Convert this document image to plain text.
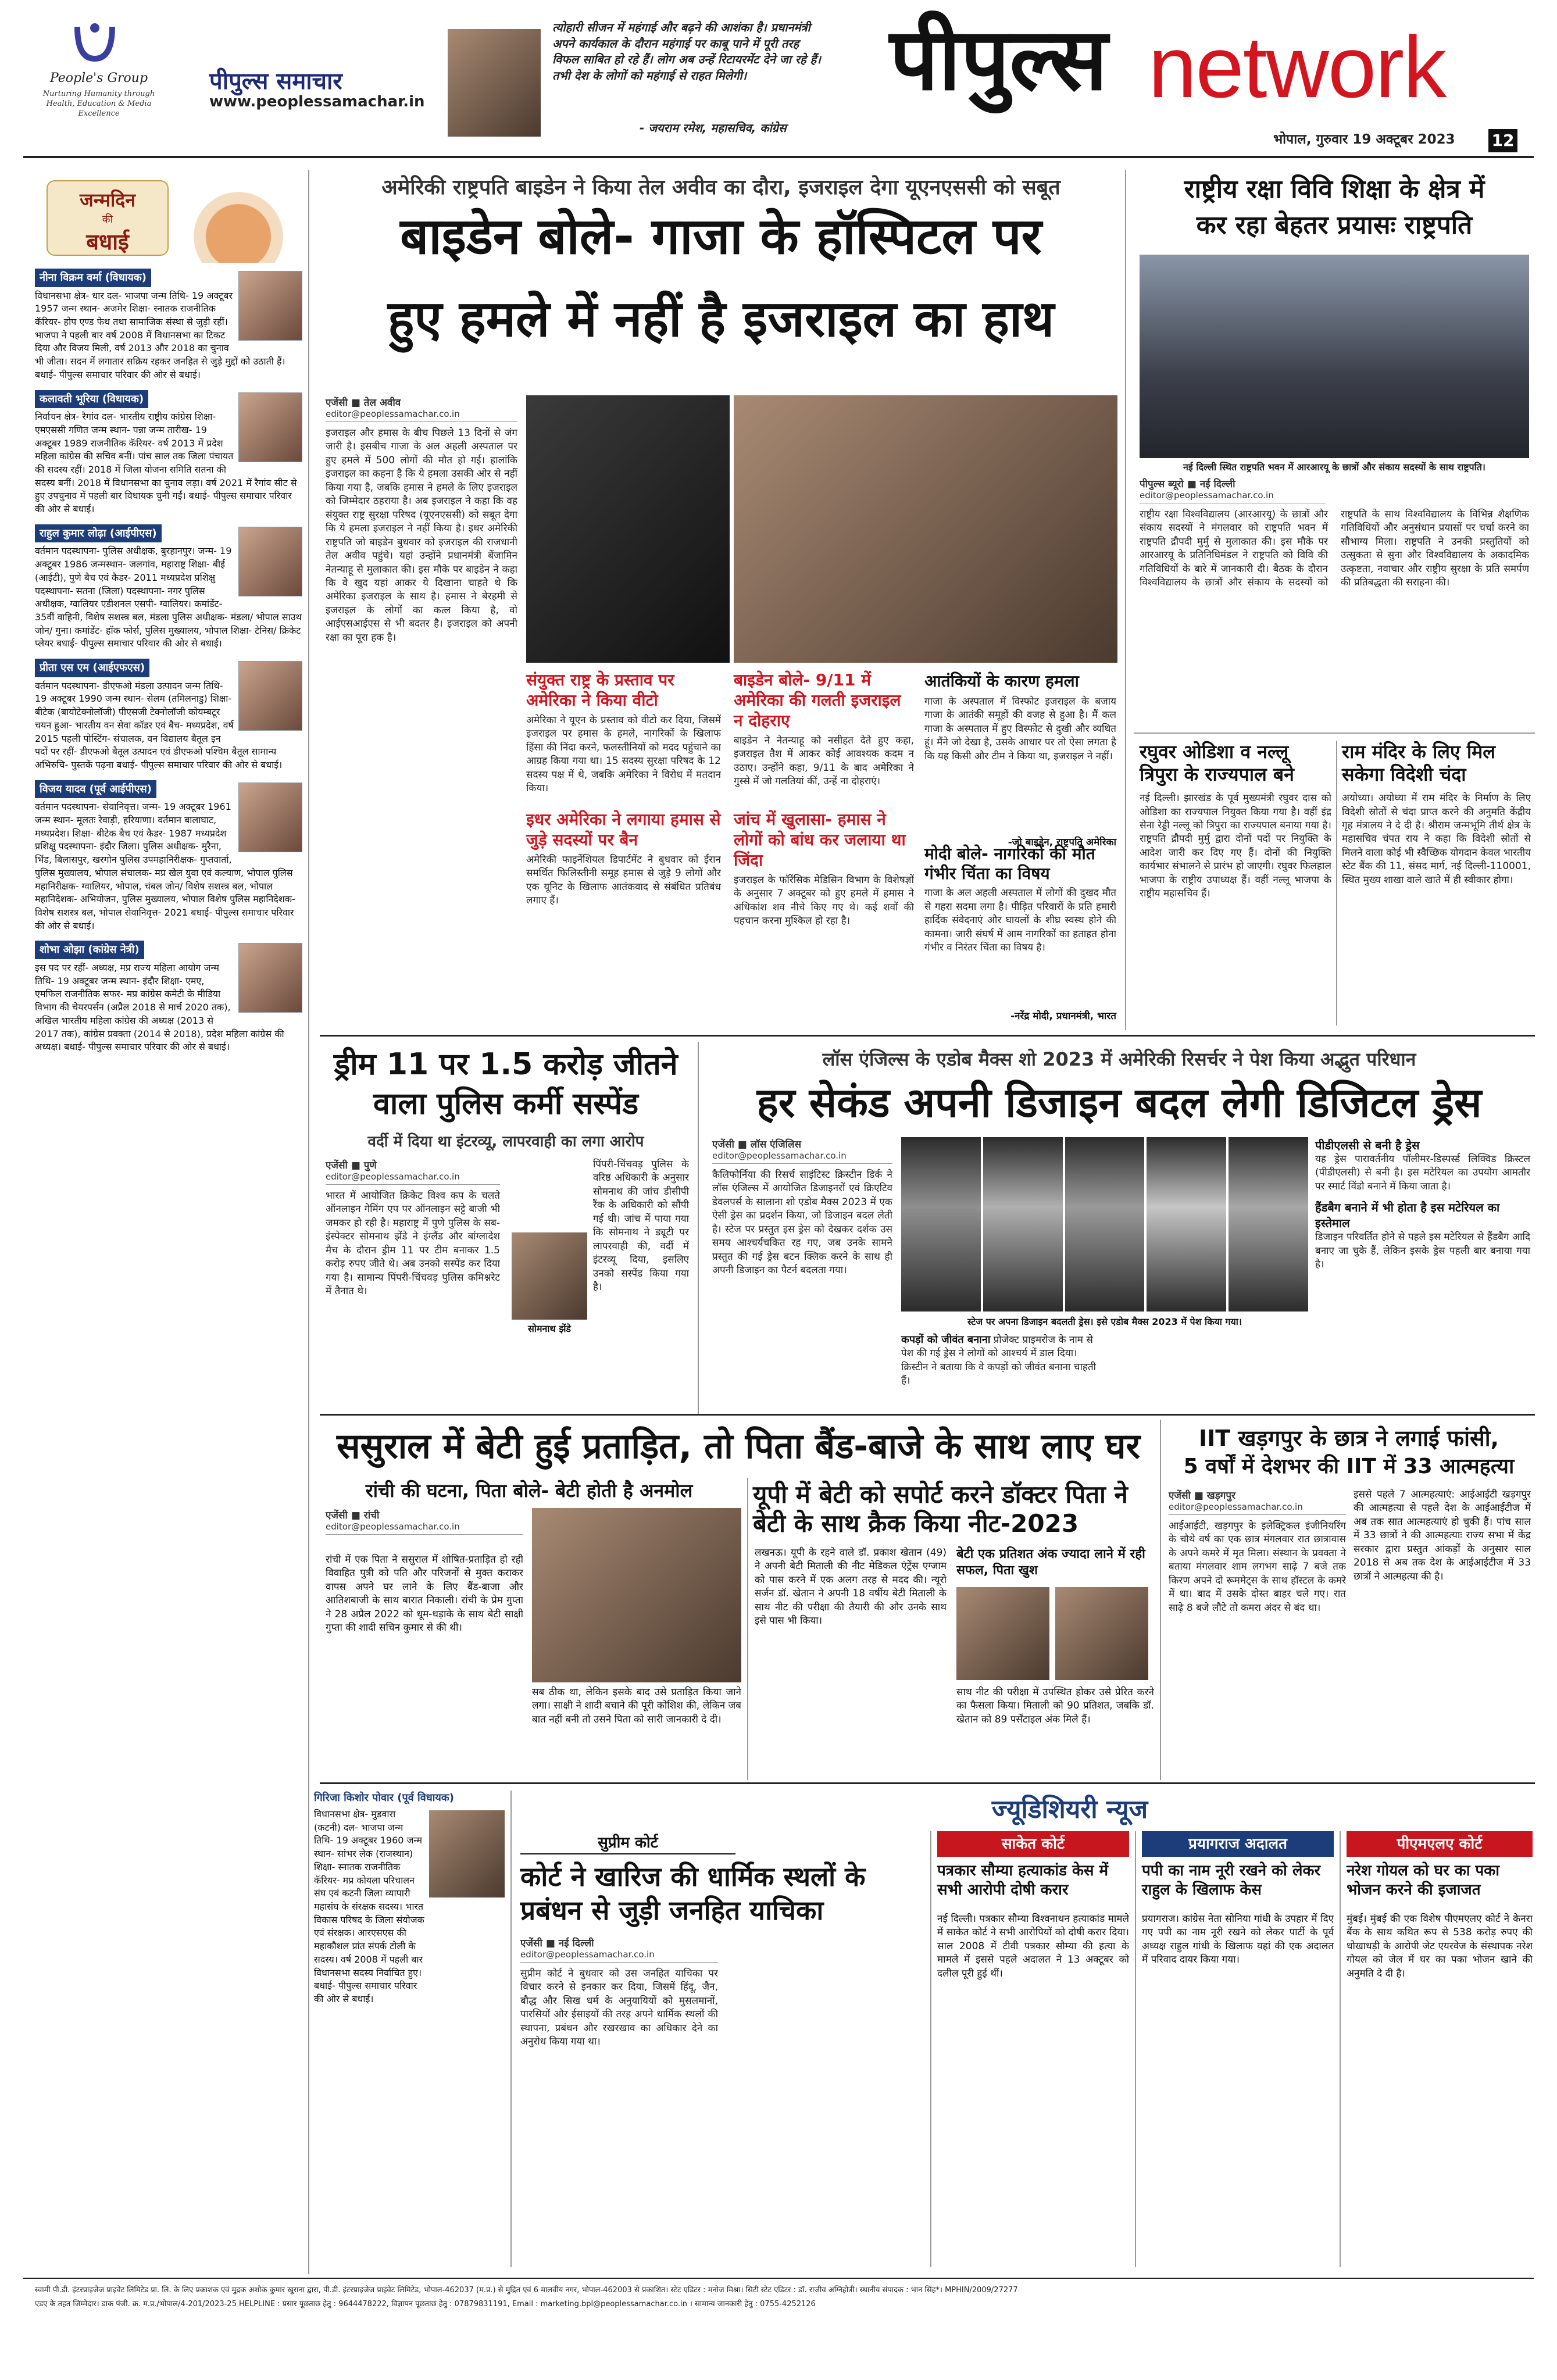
People's Group
Nurturing Humanity through Health, Education & Media Excellence
पीपुल्स समाचार
www.peoplessamachar.in
त्योहारी सीजन में महंगाई और बढ़ने की आशंका है। प्रधानमंत्री अपने कार्यकाल के दौरान महंगाई पर काबू पाने में पूरी तरह विफल साबित हो रहे हैं। लोग अब उन्हें रिटायरमेंट देने जा रहे हैं। तभी देश के लोगों को महंगाई से राहत मिलेगी।
- जयराम रमेश, महासचिव, कांग्रेस
पीपुल्स network
भोपाल, गुरुवार 19 अक्टूबर 2023 12
जन्मदिन
की
बधाई
नीना विक्रम वर्मा (विधायक)
विधानसभा क्षेत्र- धार दल- भाजपा जन्म तिथि- 19 अक्टूबर 1957 जन्म स्थान- अजमेर शिक्षा- स्नातक राजनीतिक कॅरियर- होप एण्ड फेथ तथा सामाजिक संस्था से जुड़ी रहीं। भाजपा ने पहली बार वर्ष 2008 में विधानसभा का टिकट दिया और विजय मिली, वर्ष 2013 और 2018 का चुनाव भी जीता। सदन में लगातार सक्रिय रहकर जनहित से जुड़े मुद्दों को उठाती हैं। बधाई- पीपुल्स समाचार परिवार की ओर से बधाई।
कलावती भूरिया (विधायक)
निर्वाचन क्षेत्र- रैगांव दल- भारतीय राष्ट्रीय कांग्रेस शिक्षा- एमएससी गणित जन्म स्थान- पन्ना जन्म तारीख- 19 अक्टूबर 1989 राजनीतिक कॅरियर- वर्ष 2013 में प्रदेश महिला कांग्रेस की सचिव बनीं। पांच साल तक जिला पंचायत की सदस्य रहीं। 2018 में जिला योजना समिति सतना की सदस्य बनीं। 2018 में विधानसभा का चुनाव लड़ा। वर्ष 2021 में रैगांव सीट से हुए उपचुनाव में पहली बार विधायक चुनी गईं। बधाई- पीपुल्स समाचार परिवार की ओर से बधाई।
राहुल कुमार लोढ़ा (आईपीएस)
वर्तमान पदस्थापना- पुलिस अधीक्षक, बुरहानपुर। जन्म- 19 अक्टूबर 1986 जन्मस्थान- जलगांव, महाराष्ट्र शिक्षा- बीई (आईटी), पुणे बैच एवं कैडर- 2011 मध्यप्रदेश प्रशिक्षु पदस्थापना- सतना (जिला) पदस्थापना- नगर पुलिस अधीक्षक, ग्वालियर एडीशनल एसपी- ग्वालियर। कमांडेंट- 35वीं वाहिनी, विशेष सशस्त्र बल, मंडला पुलिस अधीक्षक- मंडला/ भोपाल साउथ जोन/ गुना। कमांडेंट- हॉक फोर्स, पुलिस मुख्यालय, भोपाल शिक्षा- टेनिस/ क्रिकेट प्लेयर बधाई- पीपुल्स समाचार परिवार की ओर से बधाई।
प्रीता एस एम (आईएफएस)
वर्तमान पदस्थापना- डीएफओ मंडला उत्पादन जन्म तिथि- 19 अक्टूबर 1990 जन्म स्थान- सेलम (तमिलनाडु) शिक्षा- बीटेक (बायोटेक्नोलॉजी) पीएसजी टेक्नोलॉजी कोयम्बटूर चयन हुआ- भारतीय वन सेवा कॉडर एवं बैच- मध्यप्रदेश, वर्ष 2015 पहली पोस्टिंग- संचालक, वन विद्यालय बैतूल इन पदों पर रहीं- डीएफओ बैतूल उत्पादन एवं डीएफओ पश्चिम बैतूल सामान्य अभिरुचि- पुस्तकें पढ़ना बधाई- पीपुल्स समाचार परिवार की ओर से बधाई।
विजय यादव (पूर्व आईपीएस)
वर्तमान पदस्थापना- सेवानिवृत्त। जन्म- 19 अक्टूबर 1961 जन्म स्थान- मूलतः रेवाड़ी, हरियाणा। वर्तमान बालाघाट, मध्यप्रदेश। शिक्षा- बीटेक बैच एवं कैडर- 1987 मध्यप्रदेश प्रशिक्षु पदस्थापना- इंदौर जिला। पुलिस अधीक्षक- मुरैना, भिंड, बिलासपुर, खरगोन पुलिस उपमहानिरीक्षक- गुप्तवार्ता, पुलिस मुख्यालय, भोपाल संचालक- मप्र खेल युवा एवं कल्याण, भोपाल पुलिस महानिरीक्षक- ग्वालियर, भोपाल, चंबल जोन/ विशेष सशस्त्र बल, भोपाल महानिदेशक- अभियोजन, पुलिस मुख्यालय, भोपाल विशेष पुलिस महानिदेशक- विशेष सशस्त्र बल, भोपाल सेवानिवृत्त- 2021 बधाई- पीपुल्स समाचार परिवार की ओर से बधाई।
शोभा ओझा (कांग्रेस नेत्री)
इस पद पर रहीं- अध्यक्ष, मप्र राज्य महिला आयोग जन्म तिथि- 19 अक्टूबर जन्म स्थान- इंदौर शिक्षा- एमए, एमफिल राजनीतिक सफर- मप्र कांग्रेस कमेटी के मीडिया विभाग की चेयरपर्सन (अप्रैल 2018 से मार्च 2020 तक), अखिल भारतीय महिला कांग्रेस की अध्यक्ष (2013 से 2017 तक), कांग्रेस प्रवक्ता (2014 से 2018), प्रदेश महिला कांग्रेस की अध्यक्ष। बधाई- पीपुल्स समाचार परिवार की ओर से बधाई।
अमेरिकी राष्ट्रपति बाइडेन ने किया तेल अवीव का दौरा, इजराइल देगा यूएनएससी को सबूत
बाइडेन बोले- गाजा के हॉस्पिटल पर
हुए हमले में नहीं है इजराइल का हाथ
एजेंसी ■ तेल अवीव
editor@peoplessamachar.co.in
इजराइल और हमास के बीच पिछले 13 दिनों से जंग जारी है। इसबीच गाजा के अल अहली अस्पताल पर हुए हमले में 500 लोगों की मौत हो गई। हालांकि इजराइल का कहना है कि ये हमला उसकी ओर से नहीं किया गया है, जबकि हमास ने हमले के लिए इजराइल को जिम्मेदार ठहराया है। अब इजराइल ने कहा कि वह संयुक्त राष्ट्र सुरक्षा परिषद (यूएनएससी) को सबूत देगा कि ये हमला इजराइल ने नहीं किया है। इधर अमेरिकी राष्ट्रपति जो बाइडेन बुधवार को इजराइल की राजधानी तेल अवीव पहुंचे। यहां उन्होंने प्रधानमंत्री बेंजामिन नेतन्याहू से मुलाकात की। इस मौके पर बाइडेन ने कहा कि वे खुद यहां आकर ये दिखाना चाहते थे कि अमेरिका इजराइल के साथ है। हमास ने बेरहमी से इजराइल के लोगों का कत्ल किया है, वो आईएसआईएस से भी बदतर है। इजराइल को अपनी रक्षा का पूरा हक है।
संयुक्त राष्ट्र के प्रस्ताव पर अमेरिका ने किया वीटो
अमेरिका ने यूएन के प्रस्ताव को वीटो कर दिया, जिसमें इजराइल पर हमास के हमले, नागरिकों के खिलाफ हिंसा की निंदा करने, फलस्तीनियों को मदद पहुंचाने का आग्रह किया गया था। 15 सदस्य सुरक्षा परिषद के 12 सदस्य पक्ष में थे, जबकि अमेरिका ने विरोध में मतदान किया।
इधर अमेरिका ने लगाया हमास से जुड़े सदस्यों पर बैन
अमेरिकी फाइनेंशियल डिपार्टमेंट ने बुधवार को ईरान समर्थित फिलिस्तीनी समूह हमास से जुड़े 9 लोगों और एक यूनिट के खिलाफ आतंकवाद से संबंधित प्रतिबंध लगाए हैं।
बाइडेन बोले- 9/11 में अमेरिका की गलती इजराइल न दोहराए
बाइडेन ने नेतन्याहू को नसीहत देते हुए कहा, इजराइल तैश में आकर कोई आवश्यक कदम न उठाए। उन्होंने कहा, 9/11 के बाद अमेरिका ने गुस्से में जो गलतियां कीं, उन्हें ना दोहराएं।
जांच में खुलासा- हमास ने लोगों को बांध कर जलाया था जिंदा
इजराइल के फॉरेंसिक मेडिसिन विभाग के विशेषज्ञों के अनुसार 7 अक्टूबर को हुए हमले में हमास ने अधिकांश शव नीचे किए गए थे। कई शवों की पहचान करना मुश्किल हो रहा है।
आतंकियों के कारण हमला
गाजा के अस्पताल में विस्फोट इजराइल के बजाय गाजा के आतंकी समूहों की वजह से हुआ है। मैं कल गाजा के अस्पताल में हुए विस्फोट से दुखी और व्यथित हूं। मैंने जो देखा है, उसके आधार पर तो ऐसा लगता है कि यह किसी और टीम ने किया था, इजराइल ने नहीं।
-जो बाइडेन, राष्ट्रपति अमेरिका
मोदी बोले- नागरिकों की मौत गंभीर चिंता का विषय
गाजा के अल अहली अस्पताल में लोगों की दुखद मौत से गहरा सदमा लगा है। पीड़ित परिवारों के प्रति हमारी हार्दिक संवेदनाएं और घायलों के शीघ्र स्वस्थ होने की कामना। जारी संघर्ष में आम नागरिकों का हताहत होना गंभीर व निरंतर चिंता का विषय है।
-नरेंद्र मोदी, प्रधानमंत्री, भारत
राष्ट्रीय रक्षा विवि शिक्षा के क्षेत्र में
कर रहा बेहतर प्रयासः राष्ट्रपति
नई दिल्ली स्थित राष्ट्रपति भवन में आरआरयू के छात्रों और संकाय सदस्यों के साथ राष्ट्रपति।
पीपुल्स ब्यूरो ■ नई दिल्ली
editor@peoplessamachar.co.in
राष्ट्रीय रक्षा विश्वविद्यालय (आरआरयू) के छात्रों और संकाय सदस्यों ने मंगलवार को राष्ट्रपति भवन में राष्ट्रपति द्रौपदी मुर्मु से मुलाकात की। इस मौके पर आरआरयू के प्रतिनिधिमंडल ने राष्ट्रपति को विवि की गतिविधियों के बारे में जानकारी दी। बैठक के दौरान विश्वविद्यालय के छात्रों और संकाय के सदस्यों को राष्ट्रपति के साथ विश्वविद्यालय के विभिन्न शैक्षणिक गतिविधियों और अनुसंधान प्रयासों पर चर्चा करने का सौभाग्य मिला। राष्ट्रपति ने उनकी प्रस्तुतियों को उत्सुकता से सुना और विश्वविद्यालय के अकादमिक उत्कृष्टता, नवाचार और राष्ट्रीय सुरक्षा के प्रति समर्पण की प्रतिबद्धता की सराहना की।
रघुवर ओडिशा व नल्लू त्रिपुरा के राज्यपाल बने
नई दिल्ली। झारखंड के पूर्व मुख्यमंत्री रघुवर दास को ओडिशा का राज्यपाल नियुक्त किया गया है। वहीं इंद्र सेना रेड्डी नल्लू को त्रिपुरा का राज्यपाल बनाया गया है। राष्ट्रपति द्रौपदी मुर्मु द्वारा दोनों पदों पर नियुक्ति के आदेश जारी कर दिए गए हैं। दोनों की नियुक्ति कार्यभार संभालने से प्रारंभ हो जाएगी। रघुवर फिलहाल भाजपा के राष्ट्रीय उपाध्यक्ष हैं। वहीं नल्लू भाजपा के राष्ट्रीय महासचिव हैं।
राम मंदिर के लिए मिल सकेगा विदेशी चंदा
अयोध्या। अयोध्या में राम मंदिर के निर्माण के लिए विदेशी स्रोतों से चंदा प्राप्त करने की अनुमति केंद्रीय गृह मंत्रालय ने दे दी है। श्रीराम जन्मभूमि तीर्थ क्षेत्र के महासचिव चंपत राय ने कहा कि विदेशी स्रोतों से मिलने वाला कोई भी स्वैच्छिक योगदान केवल भारतीय स्टेट बैंक की 11, संसद मार्ग, नई दिल्ली-110001, स्थित मुख्य शाखा वाले खाते में ही स्वीकार होगा।
ड्रीम 11 पर 1.5 करोड़ जीतने
वाला पुलिस कर्मी सस्पेंड
वर्दी में दिया था इंटरव्यू, लापरवाही का लगा आरोप
एजेंसी ■ पुणे
editor@peoplessamachar.co.in
भारत में आयोजित क्रिकेट विश्व कप के चलते ऑनलाइन गेमिंग एप पर ऑनलाइन सट्टे बाजी भी जमकर हो रही है। महाराष्ट्र में पुणे पुलिस के सब-इंस्पेक्टर सोमनाथ झेंडे ने इंग्लैंड और बांग्लादेश मैच के दौरान ड्रीम 11 पर टीम बनाकर 1.5 करोड़ रुपए जीते थे। अब उनको सस्पेंड कर दिया गया है। सामान्य पिंपरी-चिंचवड़ पुलिस कमिश्नरेट में तैनात थे।
सोमनाथ झेंडे
पिंपरी-चिंचवड़ पुलिस के वरिष्ठ अधिकारी के अनुसार सोमनाथ की जांच डीसीपी रैंक के अधिकारी को सौंपी गई थी। जांच में पाया गया कि सोमनाथ ने ड्यूटी पर लापरवाही की, वर्दी में इंटरव्यू दिया, इसलिए उनको सस्पेंड किया गया है।
लॉस एंजिल्स के एडोब मैक्स शो 2023 में अमेरिकी रिसर्चर ने पेश किया अद्भुत परिधान
हर सेकंड अपनी डिजाइन बदल लेगी डिजिटल ड्रेस
एजेंसी ■ लॉस एंजिलिस
editor@peoplessamachar.co.in
कैलिफोर्निया की रिसर्च साइंटिस्ट क्रिस्टीन डिर्क ने लॉस एंजिल्स में आयोजित डिजाइनरों एवं क्रिएटिव डेवलपर्स के सालाना शो एडोब मैक्स 2023 में एक ऐसी ड्रेस का प्रदर्शन किया, जो डिजाइन बदल लेती है। स्टेज पर प्रस्तुत इस ड्रेस को देखकर दर्शक उस समय आश्चर्यचकित रह गए, जब उनके सामने प्रस्तुत की गई ड्रेस बटन क्लिक करने के साथ ही अपनी डिजाइन का पैटर्न बदलता गया।
स्टेज पर अपना डिजाइन बदलती ड्रेस। इसे एडोब मैक्स 2023 में पेश किया गया।
कपड़ों को जीवंत बनाना प्रोजेक्ट प्राइमरोज के नाम से पेश की गई ड्रेस ने लोगों को आश्चर्य में डाल दिया। क्रिस्टीन ने बताया कि वे कपड़ों को जीवंत बनाना चाहती हैं।
पीडीएलसी से बनी है ड्रेस
यह ड्रेस पारावर्तनीय पॉलीमर-डिस्पर्स्ड लिक्विड क्रिस्टल (पीडीएलसी) से बनी है। इस मटेरियल का उपयोग आमतौर पर स्मार्ट विंडो बनाने में किया जाता है।
हैंडबैग बनाने में भी होता है इस मटेरियल का इस्तेमाल
डिजाइन परिवर्तित होने से पहले इस मटेरियल से हैंडबैग आदि बनाए जा चुके हैं, लेकिन इसके ड्रेस पहली बार बनाया गया है।
ससुराल में बेटी हुई प्रताड़ित, तो पिता बैंड-बाजे के साथ लाए घर
रांची की घटना, पिता बोले- बेटी होती है अनमोल
एजेंसी ■ रांची
editor@peoplessamachar.co.in
रांची में एक पिता ने ससुराल में शोषित-प्रताड़ित हो रही विवाहित पुत्री को पति और परिजनों से मुक्त कराकर वापस अपने घर लाने के लिए बैंड-बाजा और आतिशबाजी के साथ बारात निकाली। रांची के प्रेम गुप्ता ने 28 अप्रैल 2022 को धूम-धड़ाके के साथ बेटी साक्षी गुप्ता की शादी सचिन कुमार से की थी।
सब ठीक था, लेकिन इसके बाद उसे प्रताड़ित किया जाने लगा। साक्षी ने शादी बचाने की पूरी कोशिश की, लेकिन जब बात नहीं बनी तो उसने पिता को सारी जानकारी दे दी।
यूपी में बेटी को सपोर्ट करने डॉक्टर पिता ने बेटी के साथ क्रैक किया नीट-2023
लखनऊ। यूपी के रहने वाले डॉ. प्रकाश खेतान (49) ने अपनी बेटी मिताली की नीट मेडिकल एंट्रेंस एग्जाम को पास करने में एक अलग तरह से मदद की। न्यूरो सर्जन डॉ. खेतान ने अपनी 18 वर्षीय बेटी मिताली के साथ नीट की परीक्षा की तैयारी की और उनके साथ इसे पास भी किया।
बेटी एक प्रतिशत अंक ज्यादा लाने में रही सफल, पिता खुश
साथ नीट की परीक्षा में उपस्थित होकर उसे प्रेरित करने का फैसला किया। मिताली को 90 प्रतिशत, जबकि डॉ. खेतान को 89 पर्सेंटाइल अंक मिले हैं।
IIT खड़गपुर के छात्र ने लगाई फांसी,
5 वर्षों में देशभर की IIT में 33 आत्महत्या
एजेंसी ■ खड़गपुर
editor@peoplessamachar.co.in
आईआईटी, खड़गपुर के इलेक्ट्रिकल इंजीनियरिंग के चौथे वर्ष का एक छात्र मंगलवार रात छात्रावास के अपने कमरे में मृत मिला। संस्थान के प्रवक्ता ने बताया मंगलवार शाम लगभग साढ़े 7 बजे तक किरण अपने दो रूममेट्स के साथ हॉस्टल के कमरे में था। बाद में उसके दोस्त बाहर चले गए। रात साढ़े 8 बजे लौटे तो कमरा अंदर से बंद था।
इससे पहले 7 आत्महत्याएं: आईआईटी खड़गपुर की आत्महत्या से पहले देश के आईआईटीज में अब तक सात आत्महत्याएं हो चुकी हैं। पांच साल में 33 छात्रों ने की आत्महत्याः राज्य सभा में केंद्र सरकार द्वारा प्रस्तुत आंकड़ों के अनुसार साल 2018 से अब तक देश के आईआईटीज में 33 छात्रों ने आत्महत्या की है।
गिरिजा किशोर पोवार (पूर्व विधायक)
विधानसभा क्षेत्र- मुडवारा (कटनी) दल- भाजपा जन्म तिथि- 19 अक्टूबर 1960 जन्म स्थान- सांभर लेक (राजस्थान) शिक्षा- स्नातक राजनीतिक कॅरियर- मप्र कोयला परिचालन संघ एवं कटनी जिला व्यापारी महासंघ के संरक्षक सदस्य। भारत विकास परिषद के जिला संयोजक एवं संरक्षक। आरएसएस की महाकौशल प्रांत संपर्क टोली के सदस्य। वर्ष 2008 में पहली बार विधानसभा सदस्य निर्वाचित हुए। बधाई- पीपुल्स समाचार परिवार की ओर से बधाई।
ज्यूडिशियरी न्यूज
सुप्रीम कोर्ट
कोर्ट ने खारिज की धार्मिक स्थलों के प्रबंधन से जुड़ी जनहित याचिका
एजेंसी ■ नई दिल्ली
editor@peoplessamachar.co.in
सुप्रीम कोर्ट ने बुधवार को उस जनहित याचिका पर विचार करने से इनकार कर दिया, जिसमें हिंदू, जैन, बौद्ध और सिख धर्म के अनुयायियों को मुसलमानों, पारसियों और ईसाइयों की तरह अपने धार्मिक स्थलों की स्थापना, प्रबंधन और रखरखाव का अधिकार देने का अनुरोध किया गया था।
साकेत कोर्ट
पत्रकार सौम्या हत्याकांड केस में सभी आरोपी दोषी करार
नई दिल्ली। पत्रकार सौम्या विश्वनाथन हत्याकांड मामले में साकेत कोर्ट ने सभी आरोपियों को दोषी करार दिया। साल 2008 में टीवी पत्रकार सौम्या की हत्या के मामले में इससे पहले अदालत ने 13 अक्टूबर को दलील पूरी हुई थीं।
प्रयागराज अदालत
पपी का नाम नूरी रखने को लेकर राहुल के खिलाफ केस
प्रयागराज। कांग्रेस नेता सोनिया गांधी के उपहार में दिए गए पपी का नाम नूरी रखने को लेकर पार्टी के पूर्व अध्यक्ष राहुल गांधी के खिलाफ यहां की एक अदालत में परिवाद दायर किया गया।
पीएमएलए कोर्ट
नरेश गोयल को घर का पका भोजन करने की इजाजत
मुंबई। मुंबई की एक विशेष पीएमएलए कोर्ट ने केनरा बैंक के साथ कथित रूप से 538 करोड़ रुपए की धोखाधड़ी के आरोपी जेट एयरवेज के संस्थापक नरेश गोयल को जेल में घर का पका भोजन खाने की अनुमति दे दी है।
स्वामी पी.डी. इंटरप्राइजेज प्राइवेट लिमिटेड प्रा. लि. के लिए प्रकाशक एवं मुद्रक अशोक कुमार खुराना द्वारा, पी.डी. इंटरप्राइजेज प्राइवेट लिमिटेड, भोपाल-462037 (म.प्र.) से मुद्रित एवं 6 मालवीय नगर, भोपाल-462003 से प्रकाशित। स्टेट एडिटर : मनोज मिश्रा। सिटी स्टेट एडिटर : डॉ. राजीव अग्निहोत्री। स्थानीय संपादक : भान सिंह*। MPHIN/2009/27277
एडए के तहत जिम्मेदार। डाक पंजी. क्र. म.प्र./भोपाल/4-201/2023-25 HELPLINE : प्रसार पूछताछ हेतु : 9644478222, विज्ञापन पूछताछ हेतु : 07879831191, Email : marketing.bpl@peoplessamachar.co.in । सामान्य जानकारी हेतु : 0755-4252126
